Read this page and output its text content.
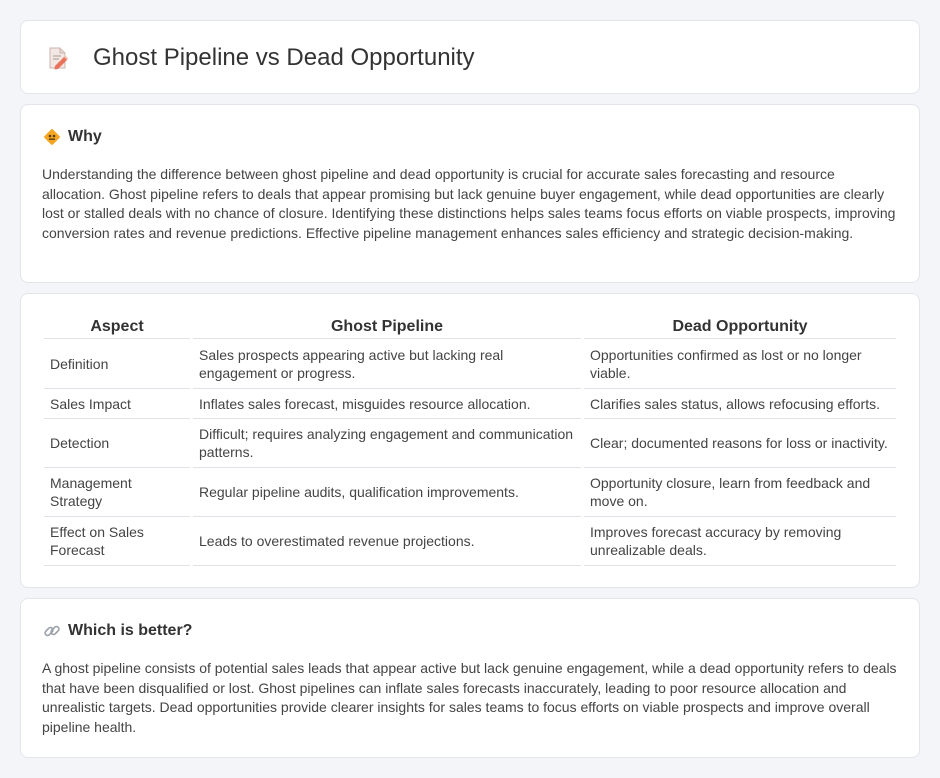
Ghost Pipeline vs Dead Opportunity
Why

Understanding the difference between ghost pipeline and dead opportunity is crucial for accurate sales forecasting and resource allocation. Ghost pipeline refers to deals that appear promising but lack genuine buyer engagement, while dead opportunities are clearly lost or stalled deals with no chance of closure. Identifying these distinctions helps sales teams focus efforts on viable prospects, improving conversion rates and revenue predictions. Effective pipeline management enhances sales efficiency and strategic decision-making.

Aspect	Ghost Pipeline	Dead Opportunity
Definition	Sales prospects appearing active but lacking real engagement or progress.	Opportunities confirmed as lost or no longer viable.
Sales Impact	Inflates sales forecast, misguides resource allocation.	Clarifies sales status, allows refocusing efforts.
Detection	Difficult; requires analyzing engagement and communication patterns.	Clear; documented reasons for loss or inactivity.
Management Strategy	Regular pipeline audits, qualification improvements.	Opportunity closure, learn from feedback and move on.
Effect on Sales Forecast	Leads to overestimated revenue projections.	Improves forecast accuracy by removing unrealizable deals.
Which is better?

A ghost pipeline consists of potential sales leads that appear active but lack genuine engagement, while a dead opportunity refers to deals that have been disqualified or lost. Ghost pipelines can inflate sales forecasts inaccurately, leading to poor resource allocation and unrealistic targets. Dead opportunities provide clearer insights for sales teams to focus efforts on viable prospects and improve overall pipeline health.
